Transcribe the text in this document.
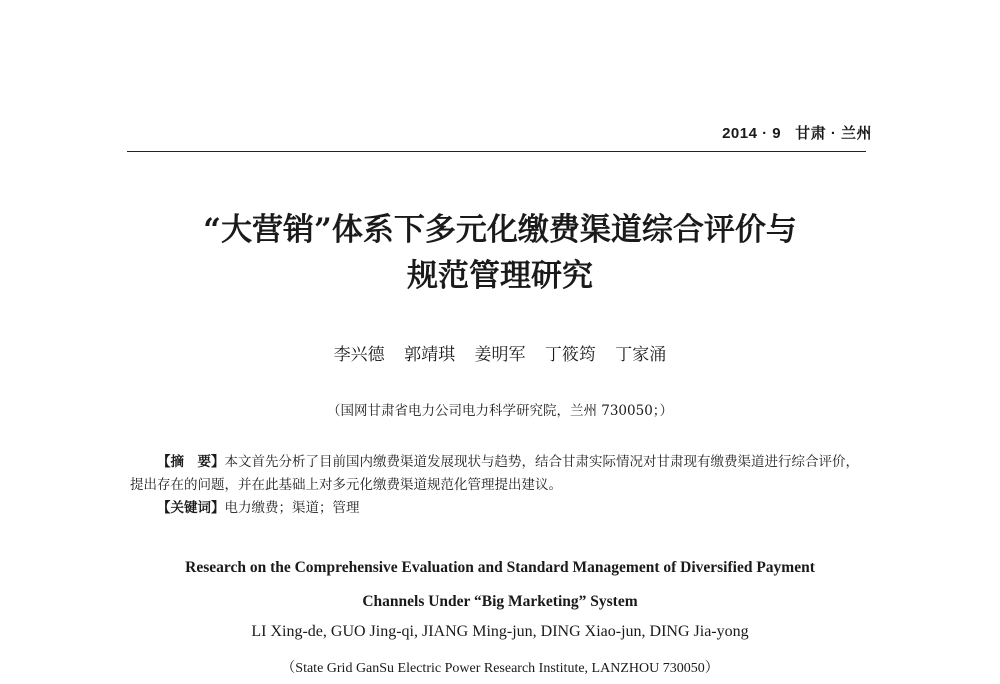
2014 · 9 甘肃 · 兰州
“大营销”体系下多元化缴费渠道综合评价与
规范管理研究
李兴德 郭靖琪 姜明军 丁筱筠 丁家涌
（国网甘肃省电力公司电力科学研究院，兰州 730050；）

【摘　要】本文首先分析了目前国内缴费渠道发展现状与趋势，结合甘肃实际情况对甘肃现有缴费渠道进行综合评价，提出存在的问题，并在此基础上对多元化缴费渠道规范化管理提出建议。

【关键词】电力缴费；渠道；管理

Research on the Comprehensive Evaluation and Standard Management of Diversified Payment
Channels Under “Big Marketing” System
LI Xing-de, GUO Jing-qi, JIANG Ming-jun, DING Xiao-jun, DING Jia-yong
（State Grid GanSu Electric Power Research Institute, LANZHOU 730050）
